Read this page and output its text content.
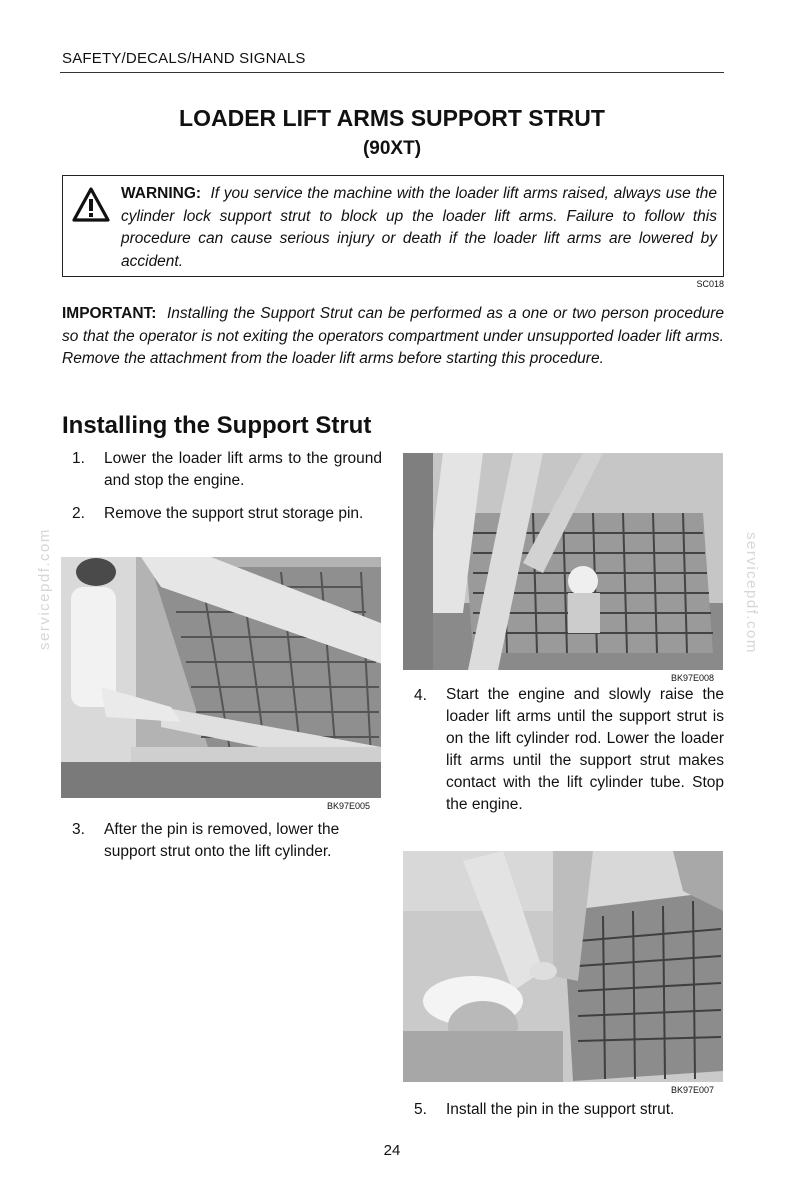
SAFETY/DECALS/HAND SIGNALS
LOADER LIFT ARMS SUPPORT STRUT
(90XT)
WARNING: If you service the machine with the loader lift arms raised, always use the cylinder lock support strut to block up the loader lift arms. Failure to follow this procedure can cause serious injury or death if the loader lift arms are lowered by accident.
SC018
IMPORTANT: Installing the Support Strut can be performed as a one or two person procedure so that the operator is not exiting the operators compartment under unsupported loader lift arms. Remove the attachment from the loader lift arms before starting this procedure.
Installing the Support Strut
1. Lower the loader lift arms to the ground and stop the engine.
2. Remove the support strut storage pin.
BK97E005
3. After the pin is removed, lower the support strut onto the lift cylinder.
BK97E008
4. Start the engine and slowly raise the loader lift arms until the support strut is on the lift cylinder rod. Lower the loader lift arms until the support strut makes contact with the lift cylinder tube. Stop the engine.
BK97E007
5. Install the pin in the support strut.
servicepdf.com	servicepdf.com
24
